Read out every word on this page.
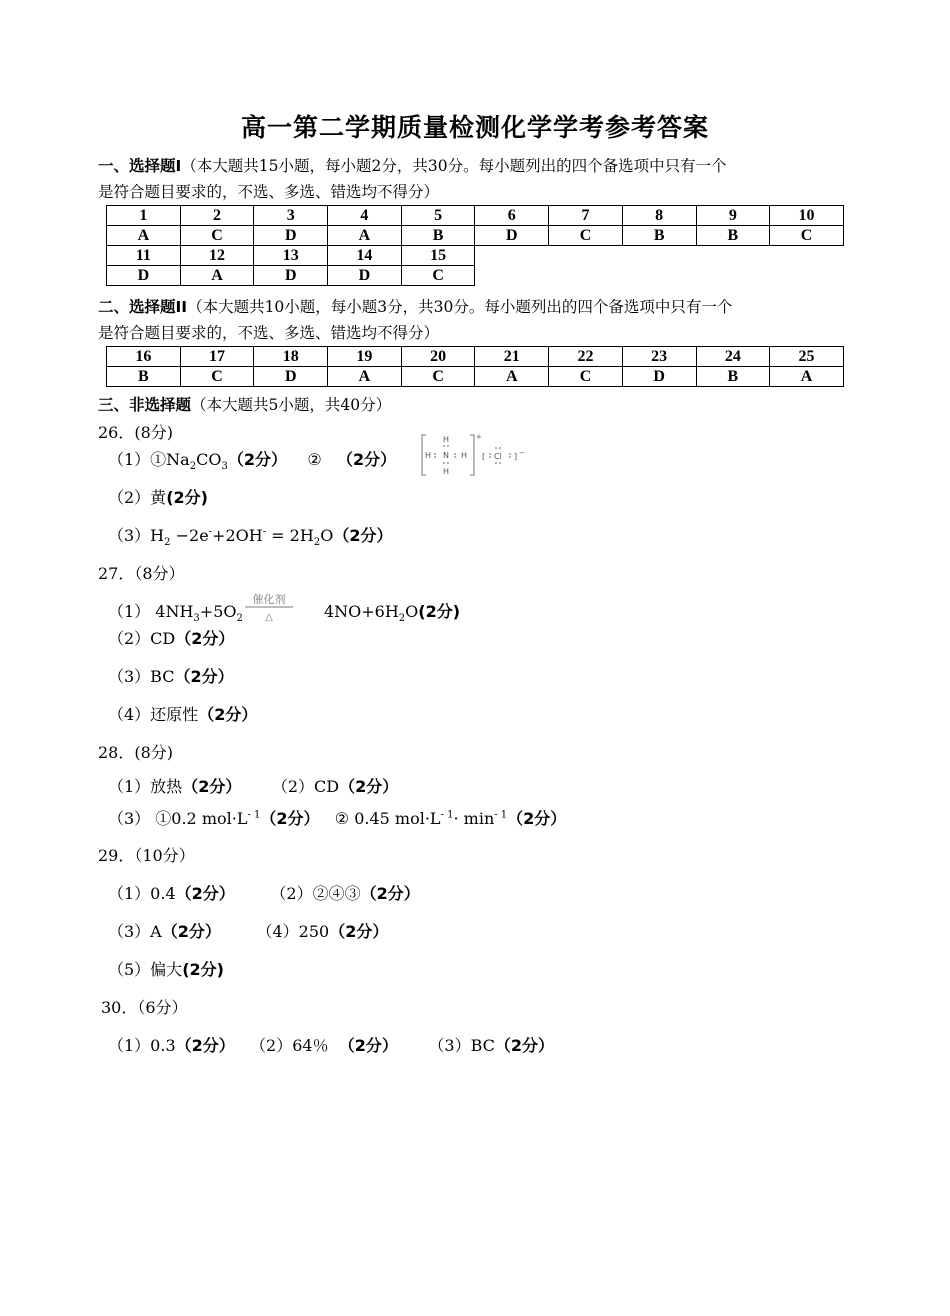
高一第二学期质量检测化学学考参考答案
一、选择题I（本大题共15小题，每小题2分，共30分。每小题列出的四个备选项中只有一个
是符合题目要求的，不选、多选、错选均不得分）
1	2	3	4	5	6	7	8	9	10
A	C	D	A	B	D	C	B	B	C
11	12	13	14	15					
D	A	D	D	C					
二、选择题II（本大题共10小题，每小题3分，共30分。每小题列出的四个备选项中只有一个
是符合题目要求的，不选、多选、错选均不得分）
16	17	18	19	20	21	22	23	24	25
B	C	D	A	C	A	C	D	B	A
三、非选择题（本大题共5小题，共40分）
26．(8分)
$(1)①Na_2CO_3(2$分） ② （2分）
H
H N H
H
+
[ Cl ] −
（2）黄(2分)
$(3)H_2 -2e^-+2OH^- = 2H_2O(2$分）
27．（8分）
（1） $4NH_3+5O_2$	$4NO+6H_2O(2$分)
催化剂
△
（2）CD（2分）
（3）BC（2分）
（4）还原性（2分）
28．(8分)
（1）放热（2分） （2）CD（2分）
（3） ①0.2 $mol\cdot L^{- 1}(2$分） ② 0.45 $mol\cdot L^{- 1}\cdot \min^{- 1}(2$分）
29．（10分）
（1）0.4（2分） （2）②④③（2分）
（3）A（2分） （4）250（2分）
（5）偏大(2分)
30．（6分）
（1）0.3（2分） （2）64％ （2分） （3）BC（2分）
